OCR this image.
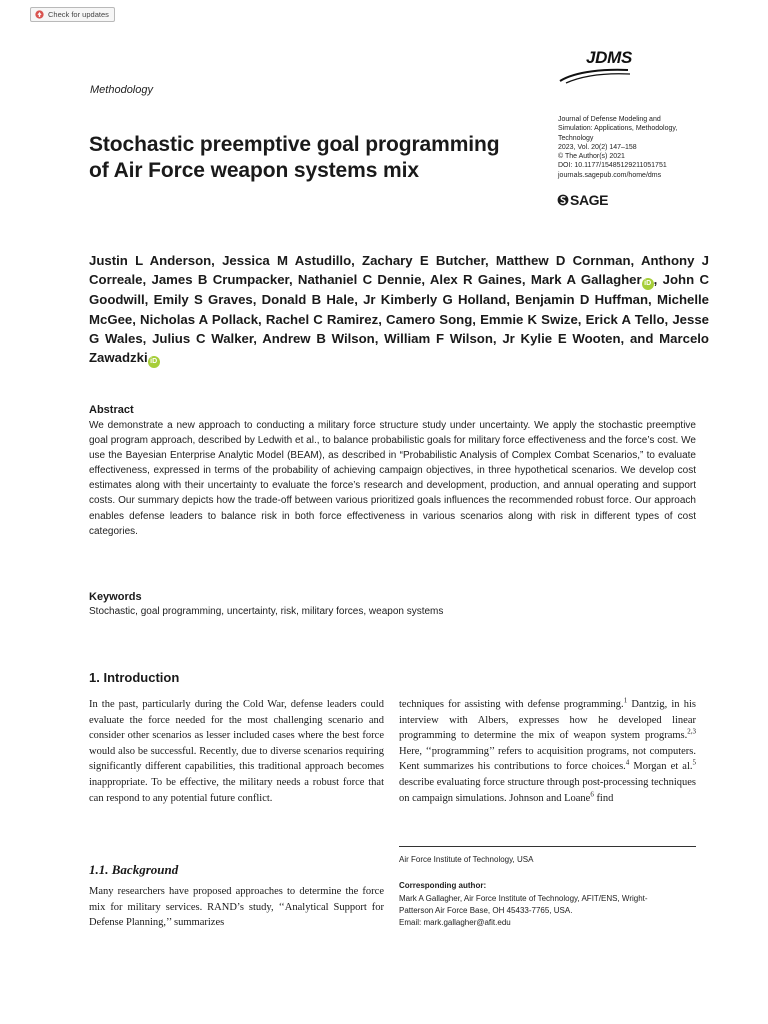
Check for updates
Methodology
JDMS
Journal of Defense Modeling and
Simulation: Applications, Methodology,
Technology
2023, Vol. 20(2) 147–158
© The Author(s) 2021
DOI: 10.1177/15485129211051751
journals.sagepub.com/home/dms
SAGE
Stochastic preemptive goal programming of Air Force weapon systems mix
Justin L Anderson, Jessica M Astudillo, Zachary E Butcher, Matthew D Cornman, Anthony J Correale, James B Crumpacker, Nathaniel C Dennie, Alex R Gaines, Mark A Gallagher iD , John C Goodwill, Emily S Graves, Donald B Hale, Jr Kimberly G Holland, Benjamin D Huffman, Michelle McGee, Nicholas A Pollack, Rachel C Ramirez, Camero Song, Emmie K Swize, Erick A Tello, Jesse G Wales, Julius C Walker, Andrew B Wilson, William F Wilson, Jr Kylie E Wooten, and Marcelo Zawadzki iD
Abstract

We demonstrate a new approach to conducting a military force structure study under uncertainty. We apply the stochastic preemptive goal program approach, described by Ledwith et al., to balance probabilistic goals for military force effectiveness and the force’s cost. We use the Bayesian Enterprise Analytic Model (BEAM), as described in “Probabilistic Analysis of Complex Combat Scenarios,” to evaluate effectiveness, expressed in terms of the probability of achieving campaign objectives, in three hypothetical scenarios. We develop cost estimates along with their uncertainty to evaluate the force’s research and development, production, and annual operating and support costs. Our summary depicts how the trade-off between various prioritized goals influences the recommended robust force. Our approach enables defense leaders to balance risk in both force effectiveness in various scenarios along with risk in different types of cost categories.

Keywords

Stochastic, goal programming, uncertainty, risk, military forces, weapon systems

1. Introduction

In the past, particularly during the Cold War, defense leaders could evaluate the force needed for the most challenging scenario and consider other scenarios as lesser included cases where the best force would also be successful. Recently, due to diverse scenarios requiring significantly different capabilities, this traditional approach becomes inappropriate. To be effective, the military needs a robust force that can respond to any potential future conflict.

techniques for assisting with defense programming.$^1$ Dantzig, in his interview with Albers, expresses how he developed linear programming to determine the mix of weapon system programs.$^{2,3}$ Here, ‘‘programming’’ refers to acquisition programs, not computers. Kent summarizes his contributions to force choices.$^4$ Morgan et al.$^5$ describe evaluating force structure through post-processing techniques on campaign simulations. Johnson and Loane$^6$ find

1.1. Background

Many researchers have proposed approaches to determine the force mix for military services. RAND’s study, ‘‘Analytical Support for Defense Planning,’’ summarizes

Air Force Institute of Technology, USA
Corresponding author:
Mark A Gallagher, Air Force Institute of Technology, AFIT/ENS, Wright-
Patterson Air Force Base, OH 45433-7765, USA.
Email: mark.gallagher@afit.edu
